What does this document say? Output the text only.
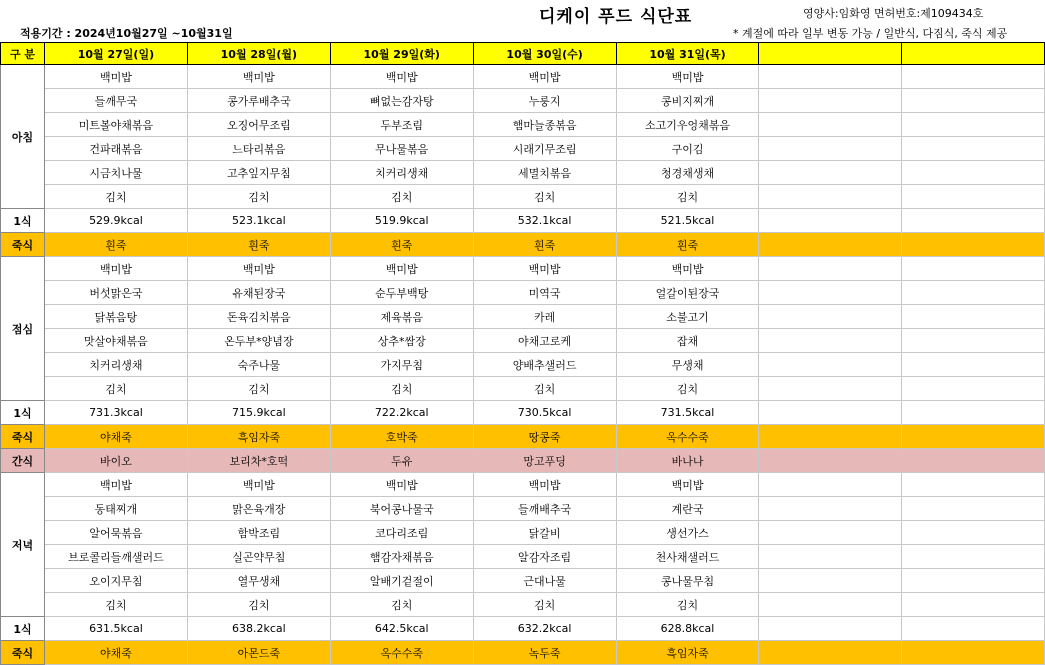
디케이 푸드 식단표	영양사:임화영 면허번호:제109434호
적용기간 : 2024년10월27일 ~10월31일	* 계절에 따라 일부 변동 가능 / 일반식, 다짐식, 죽식 제공
구 분	10월 27일(일)	10월 28일(월)	10월 29일(화)	10월 30일(수)	10월 31일(목)		
아침	백미밥	백미밥	백미밥	백미밥	백미밥		
	들깨무국	콩가루배추국	뼈없는감자탕	누룽지	콩비지찌개		
	미트볼야채볶음	오징어무조림	두부조림	햄마늘종볶음	소고기우엉채볶음		
	건파래볶음	느타리볶음	무나물볶음	시래기무조림	구이김		
	시금치나물	고추잎지무침	치커리생채	세멸치볶음	청경채생채		
	김치	김치	김치	김치	김치		
1식	529.9kcal	523.1kcal	519.9kcal	532.1kcal	521.5kcal		
죽식	흰죽	흰죽	흰죽	흰죽	흰죽		
점심	백미밥	백미밥	백미밥	백미밥	백미밥		
	버섯맑은국	유채된장국	순두부백탕	미역국	얼갈이된장국		
	닭볶음탕	돈육김치볶음	제육볶음	카레	소불고기		
	맛살야채볶음	온두부*양념장	상추*쌈장	야채고로케	잡채		
	치커리생채	숙주나물	가지무침	양배추샐러드	무생채		
	김치	김치	김치	김치	김치		
1식	731.3kcal	715.9kcal	722.2kcal	730.5kcal	731.5kcal		
죽식	야채죽	흑임자죽	호박죽	땅콩죽	옥수수죽		
간식	바이오	보리차*호떡	두유	망고푸딩	바나나		
저녁	백미밥	백미밥	백미밥	백미밥	백미밥		
	동태찌개	맑은육개장	북어콩나물국	들깨배추국	계란국		
	알어묵볶음	함박조림	코다리조림	닭갈비	생선가스		
	브로콜리들깨샐러드	실곤약무침	햄감자채볶음	알감자조림	천사채샐러드		
	오이지무침	열무생채	알배기겉절이	근대나물	콩나물무침		
	김치	김치	김치	김치	김치		
1식	631.5kcal	638.2kcal	642.5kcal	632.2kcal	628.8kcal		
죽식	야채죽	아몬드죽	옥수수죽	녹두죽	흑임자죽		
